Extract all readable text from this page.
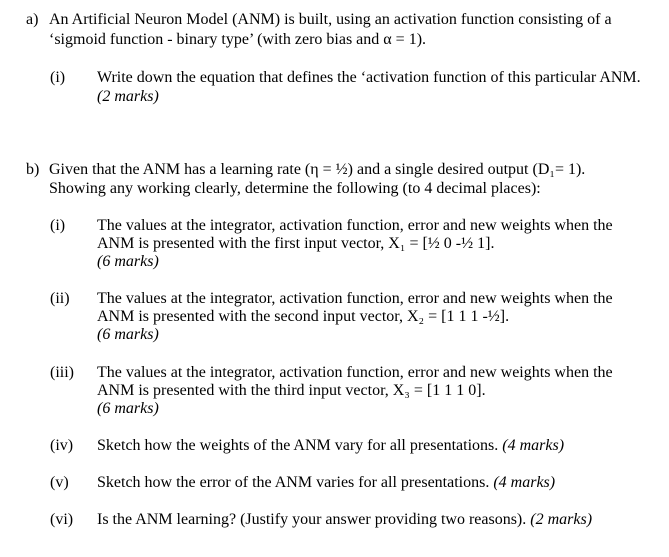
a) An Artificial Neuron Model (ANM) is built, using an activation function consisting of a
‘sigmoid function - binary type’ (with zero bias and α = 1).
(i) Write down the equation that defines the ‘activation function of this particular ANM.
(2 marks)
b) Given that the ANM has a learning rate (η = ½) and a single desired output (D₁= 1).
Showing any working clearly, determine the following (to 4 decimal places):
(i) The values at the integrator, activation function, error and new weights when the
ANM is presented with the first input vector, X₁ = [½ 0 -½ 1].
(6 marks)
(ii) The values at the integrator, activation function, error and new weights when the
ANM is presented with the second input vector, X₂ = [1 1 1 -½].
(6 marks)
(iii) The values at the integrator, activation function, error and new weights when the
ANM is presented with the third input vector, X₃ = [1 1 1 0].
(6 marks)
(iv) Sketch how the weights of the ANM vary for all presentations. (4 marks)
(v) Sketch how the error of the ANM varies for all presentations. (4 marks)
(vi) Is the ANM learning? (Justify your answer providing two reasons). (2 marks)
